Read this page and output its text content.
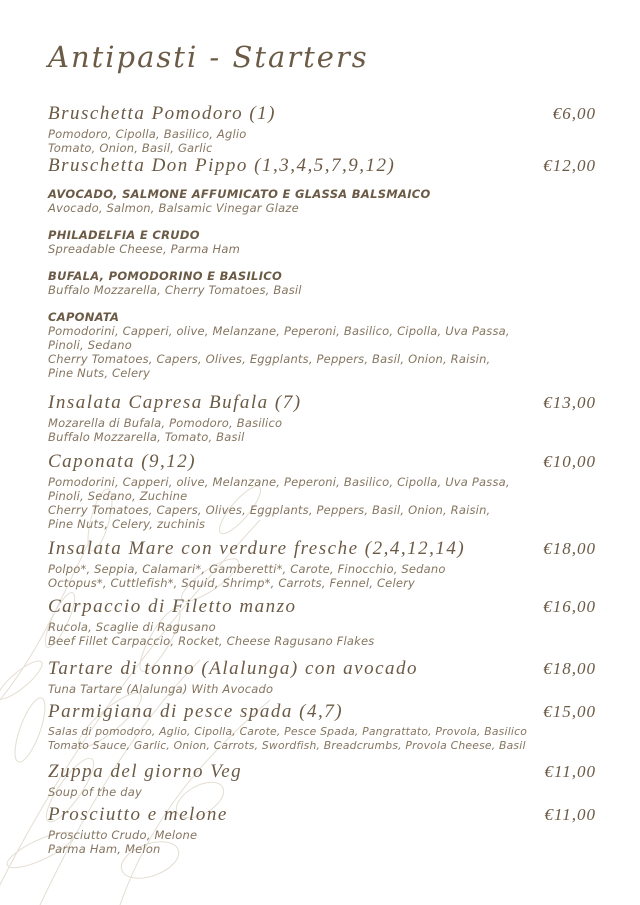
Antipasti - Starters
Bruschetta Pomodoro (1)	€6,00
Pomodoro, Cipolla, Basilico, Aglio
Tomato, Onion, Basil, Garlic
Bruschetta Don Pippo (1,3,4,5,7,9,12)	€12,00
AVOCADO, SALMONE AFFUMICATO E GLASSA BALSMAICO
Avocado, Salmon, Balsamic Vinegar Glaze
PHILADELFIA E CRUDO
Spreadable Cheese, Parma Ham
BUFALA, POMODORINO E BASILICO
Buffalo Mozzarella, Cherry Tomatoes, Basil
CAPONATA
Pomodorini, Capperi, olive, Melanzane, Peperoni, Basilico, Cipolla, Uva Passa,
Pinoli, Sedano
Cherry Tomatoes, Capers, Olives, Eggplants, Peppers, Basil, Onion, Raisin,
Pine Nuts, Celery
Insalata Capresa Bufala (7)	€13,00
Mozarella di Bufala, Pomodoro, Basilico
Buffalo Mozzarella, Tomato, Basil
Caponata (9,12)	€10,00
Pomodorini, Capperi, olive, Melanzane, Peperoni, Basilico, Cipolla, Uva Passa,
Pinoli, Sedano, Zuchine
Cherry Tomatoes, Capers, Olives, Eggplants, Peppers, Basil, Onion, Raisin,
Pine Nuts, Celery, zuchinis
Insalata Mare con verdure fresche (2,4,12,14)	€18,00
Polpo*, Seppia, Calamari*, Gamberetti*, Carote, Finocchio, Sedano
Octopus*, Cuttlefish*, Squid, Shrimp*, Carrots, Fennel, Celery
Carpaccio di Filetto manzo	€16,00
Rucola, Scaglie di Ragusano
Beef Fillet Carpaccio, Rocket, Cheese Ragusano Flakes
Tartare di tonno (Alalunga) con avocado	€18,00
Tuna Tartare (Alalunga) With Avocado
Parmigiana di pesce spada (4,7)	€15,00
Salas di pomodoro, Aglio, Cipolla, Carote, Pesce Spada, Pangrattato, Provola, Basilico
Tomato Sauce, Garlic, Onion, Carrots, Swordfish, Breadcrumbs, Provola Cheese, Basil
Zuppa del giorno Veg	€11,00
Soup of the day
Prosciutto e melone	€11,00
Prosciutto Crudo, Melone
Parma Ham, Melon
